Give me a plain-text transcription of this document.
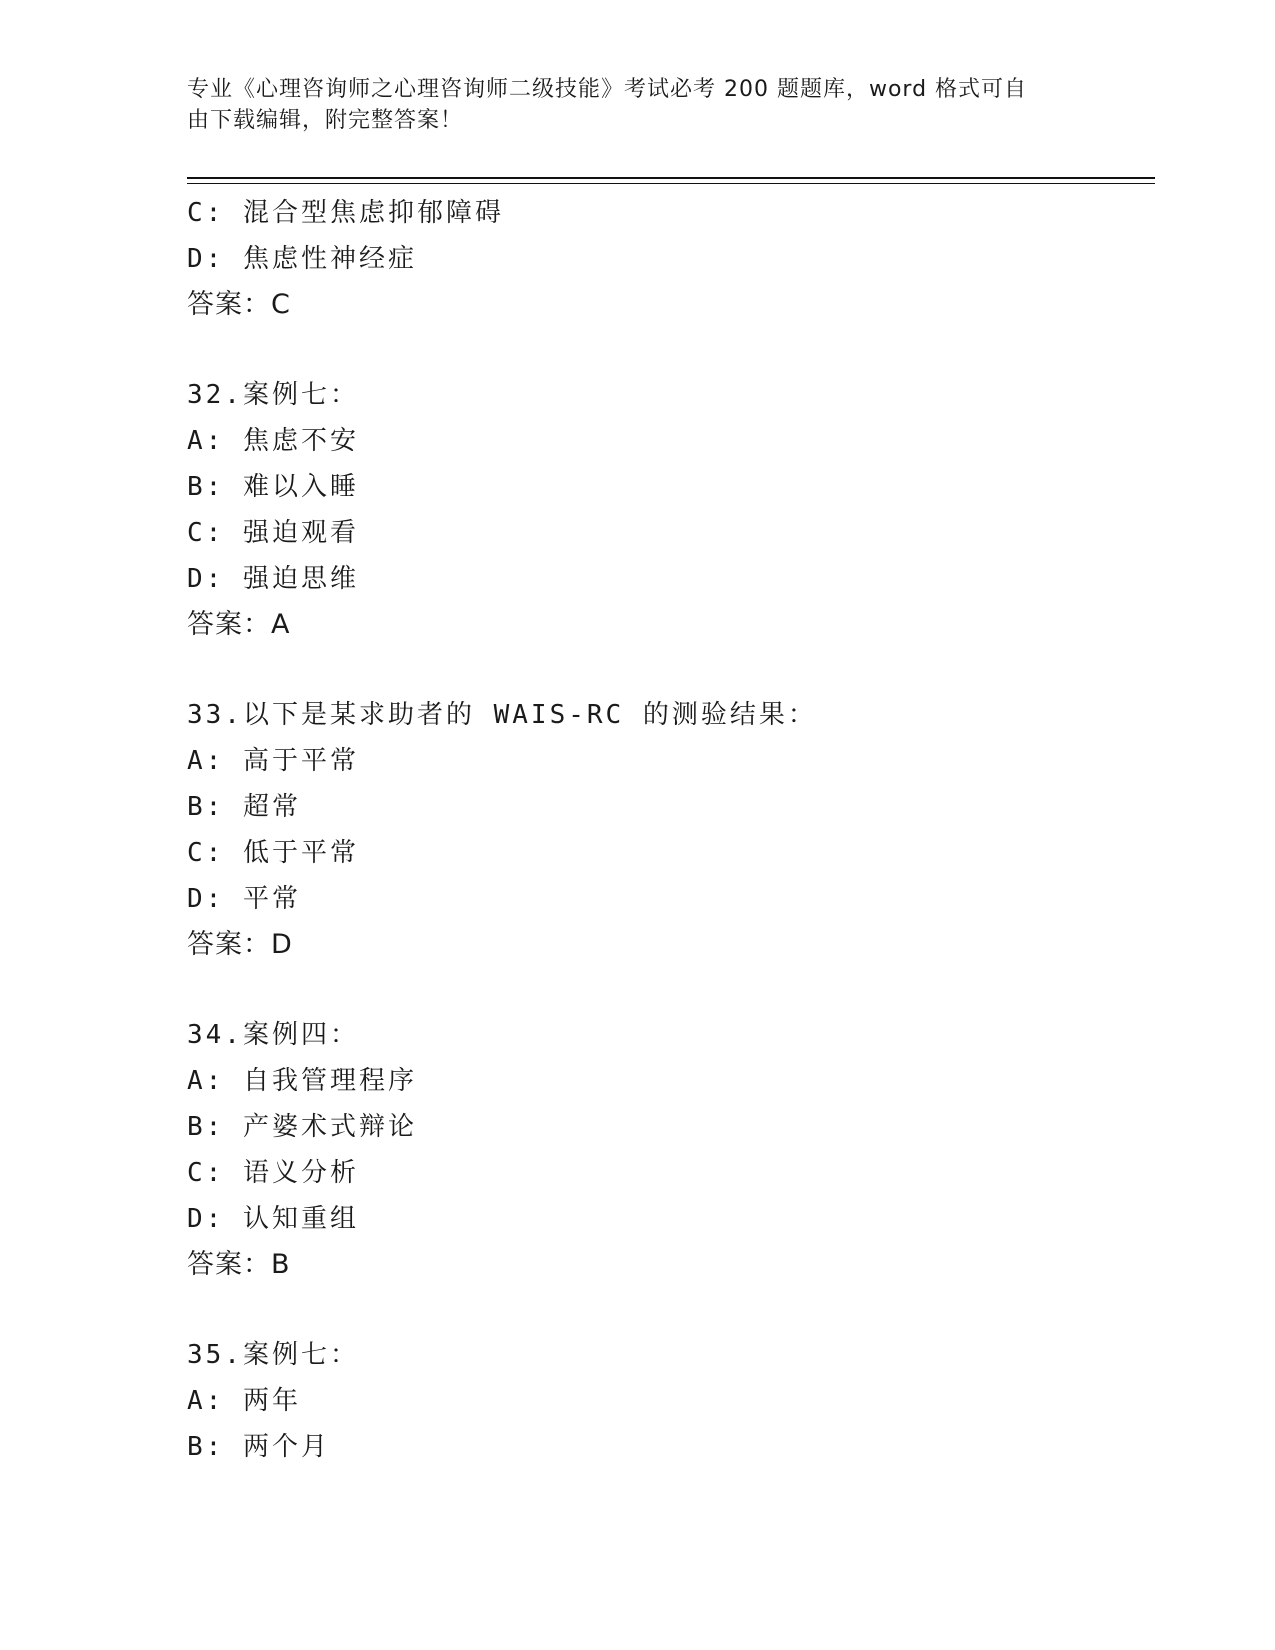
专业《心理咨询师之心理咨询师二级技能》考试必考 200 题题库，word 格式可自

由下载编辑，附完整答案！

C: 混合型焦虑抑郁障碍
D: 焦虑性神经症
答案：C
32.案例七：
A: 焦虑不安
B: 难以入睡
C: 强迫观看
D: 强迫思维
答案：A
33.以下是某求助者的 WAIS-RC 的测验结果：
A: 高于平常
B: 超常
C: 低于平常
D: 平常
答案：D
34.案例四：
A: 自我管理程序
B: 产婆术式辩论
C: 语义分析
D: 认知重组
答案：B
35.案例七：
A: 两年
B: 两个月
